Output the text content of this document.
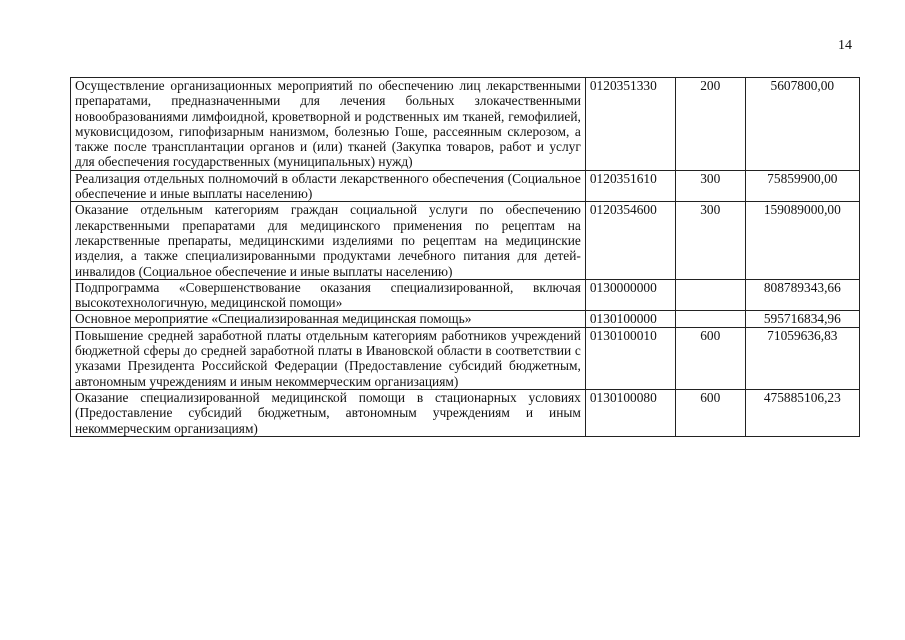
14
Осуществление организационных мероприятий по обеспечению лиц лекарственными препаратами, предназначенными для лечения больных злокачественными новообразованиями лимфоидной, кроветворной и родственных им тканей, гемофилией, муковисцидозом, гипофизарным нанизмом, болезнью Гоше, рассеянным склерозом, а также после трансплантации органов и (или) тканей (Закупка товаров, работ и услуг для обеспечения государственных (муниципальных) нужд)	0120351330	200	5607800,00
Реализация отдельных полномочий в области лекарственного обеспечения (Социальное обеспечение и иные выплаты населению)	0120351610	300	75859900,00
Оказание отдельным категориям граждан социальной услуги по обеспечению лекарственными препаратами для медицинского применения по рецептам на лекарственные препараты, медицинскими изделиями по рецептам на медицинские изделия, а также специализированными продуктами лечебного питания для детей-инвалидов (Социальное обеспечение и иные выплаты населению)	0120354600	300	159089000,00
Подпрограмма «Совершенствование оказания специализированной, включая высокотехнологичную, медицинской помощи»	0130000000		808789343,66
Основное мероприятие «Специализированная медицинская помощь»	0130100000		595716834,96
Повышение средней заработной платы отдельным категориям работников учреждений бюджетной сферы до средней заработной платы в Ивановской области в соответствии с указами Президента Российской Федерации (Предоставление субсидий бюджетным, автономным учреждениям и иным некоммерческим организациям)	0130100010	600	71059636,83
Оказание специализированной медицинской помощи в стационарных условиях (Предоставление субсидий бюджетным, автономным учреждениям и иным некоммерческим организациям)	0130100080	600	475885106,23
